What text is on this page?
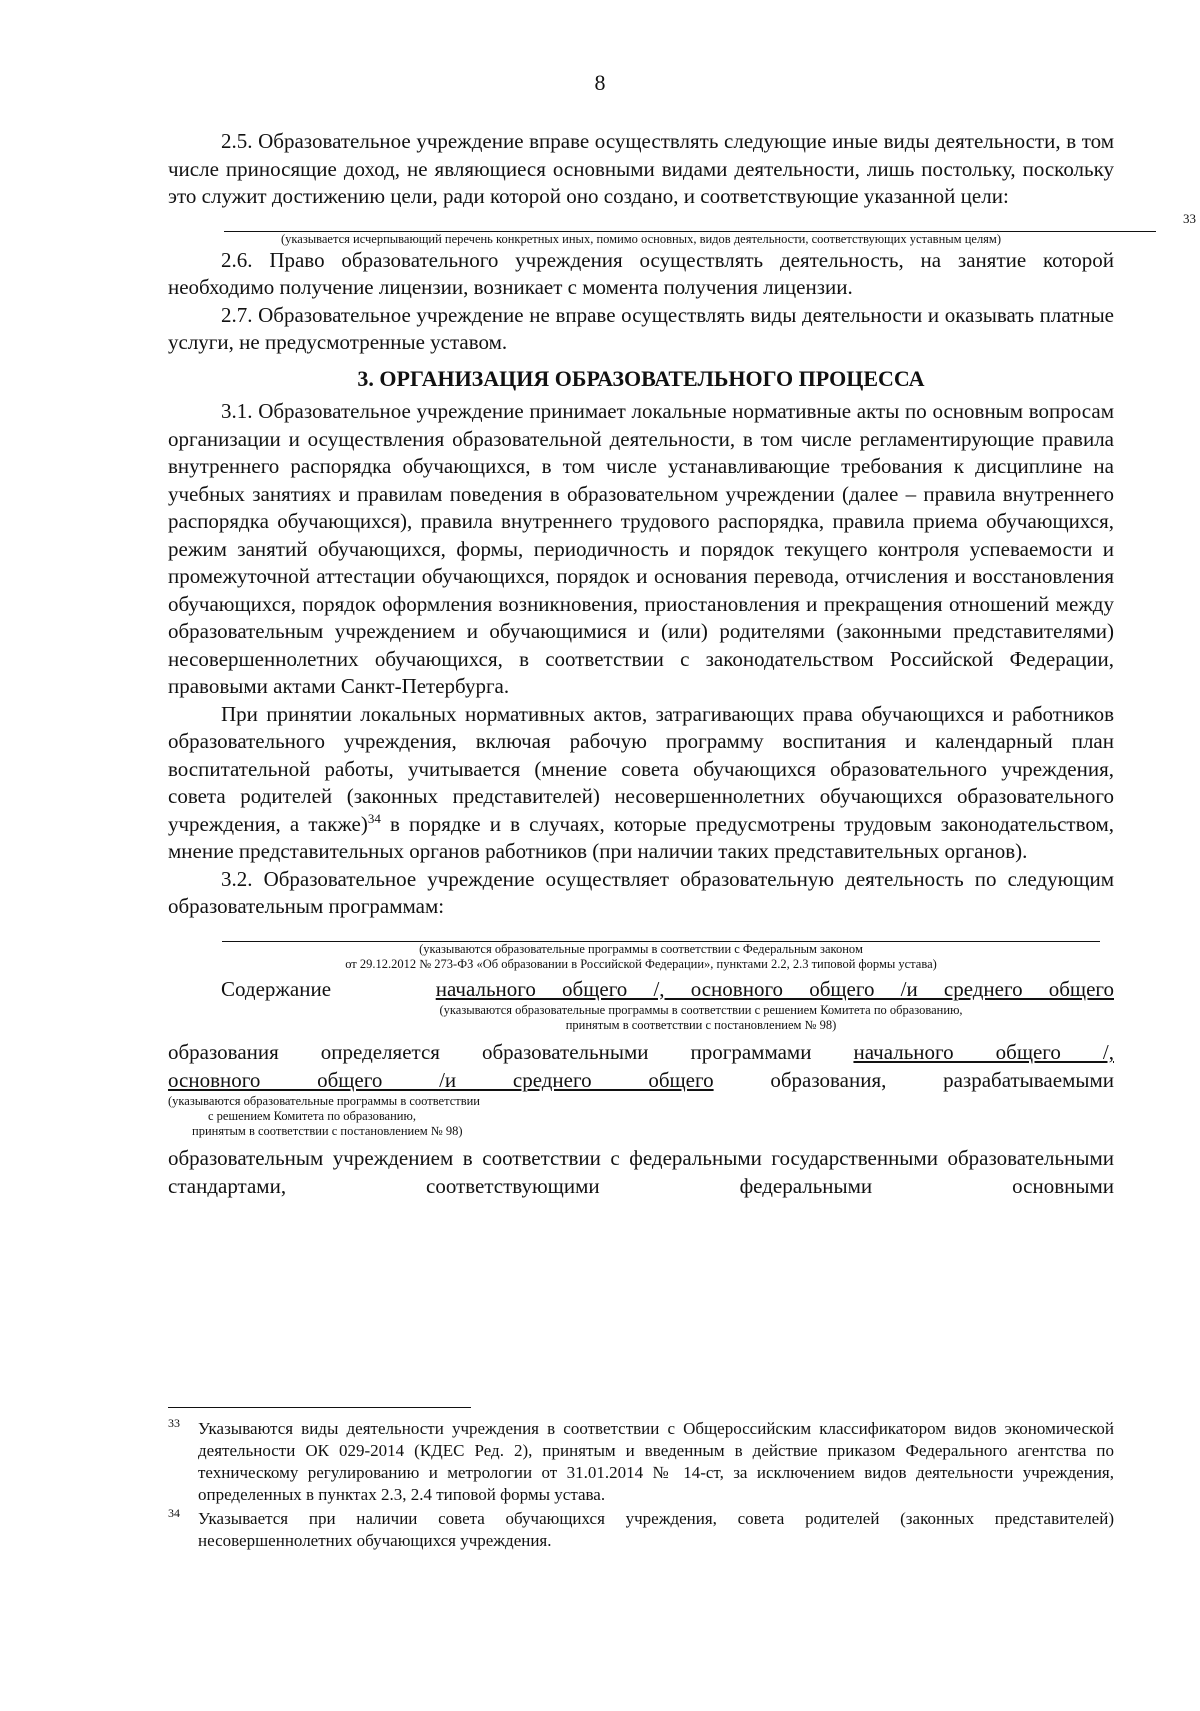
8

2.5. Образовательное учреждение вправе осуществлять следующие иные виды деятельности, в том числе приносящие доход, не являющиеся основными видами деятельности, лишь постольку, поскольку это служит достижению цели, ради которой оно создано, и соответствующие указанной цели:

33
(указывается исчерпывающий перечень конкретных иных, помимо основных, видов деятельности, соответствующих уставным целям)

2.6. Право образовательного учреждения осуществлять деятельность, на занятие которой необходимо получение лицензии, возникает с момента получения лицензии.

2.7. Образовательное учреждение не вправе осуществлять виды деятельности и оказывать платные услуги, не предусмотренные уставом.

3. ОРГАНИЗАЦИЯ ОБРАЗОВАТЕЛЬНОГО ПРОЦЕССА

3.1. Образовательное учреждение принимает локальные нормативные акты по основным вопросам организации и осуществления образовательной деятельности, в том числе регламентирующие правила внутреннего распорядка обучающихся, в том числе устанавливающие требования к дисциплине на учебных занятиях и правилам поведения в образовательном учреждении (далее – правила внутреннего распорядка обучающихся), правила внутреннего трудового распорядка, правила приема обучающихся, режим занятий обучающихся, формы, периодичность и порядок текущего контроля успеваемости и промежуточной аттестации обучающихся, порядок и основания перевода, отчисления и восстановления обучающихся, порядок оформления возникновения, приостановления и прекращения отношений между образовательным учреждением и обучающимися и (или) родителями (законными представителями) несовершеннолетних обучающихся, в соответствии с законодательством Российской Федерации, правовыми актами Санкт-Петербурга.

При принятии локальных нормативных актов, затрагивающих права обучающихся и работников образовательного учреждения, включая рабочую программу воспитания и календарный план воспитательной работы, учитывается (мнение совета обучающихся образовательного учреждения, совета родителей (законных представителей) несовершеннолетних обучающихся образовательного учреждения, а также)$^{34}$ в порядке и в случаях, которые предусмотрены трудовым законодательством, мнение представительных органов работников (при наличии таких представительных органов).

3.2. Образовательное учреждение осуществляет образовательную деятельность по следующим образовательным программам:

(указываются образовательные программы в соответствии с Федеральным законом
от 29.12.2012 № 273-ФЗ «Об образовании в Российской Федерации», пунктами 2.2, 2.3 типовой формы устава)

Содержание	начального общего /, основного общего /и среднего общего

(указываются образовательные программы в соответствии с решением Комитета по образованию,
принятым в соответствии с постановлением № 98)

образования определяется образовательными программами начального общего /,

основного общего /и среднего общего	образования, разрабатываемыми

(указываются образовательные программы в соответствии
с решением Комитета по образованию,
принятым в соответствии с постановлением № 98)

образовательным учреждением в соответствии с федеральными государственными образовательными стандартами, соответствующими федеральными основными

33 Указываются виды деятельности учреждения в соответствии с Общероссийским классификатором видов экономической деятельности ОК 029-2014 (КДЕС Ред. 2), принятым и введенным в действие приказом Федерального агентства по техническому регулированию и метрологии от 31.01.2014 № 14-ст, за исключением видов деятельности учреждения, определенных в пунктах 2.3, 2.4 типовой формы устава.
34 Указывается при наличии совета обучающихся учреждения, совета родителей (законных представителей) несовершеннолетних обучающихся учреждения.
